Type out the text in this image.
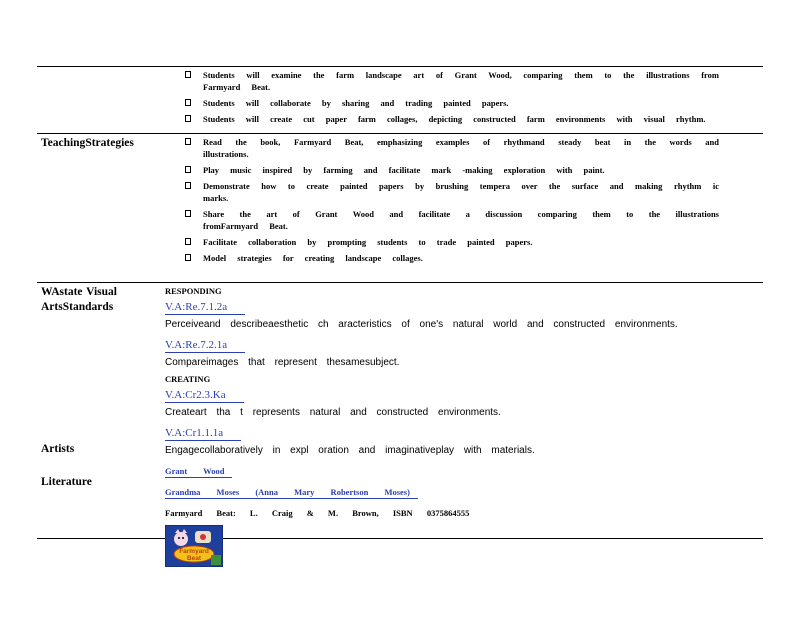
Students will examine the farm landscape art of Grant Wood, comparing them to the illustrations from Farmyard Beat.
Students will collaborate by sharing and trading painted papers.
Students will create cut paper farm collages, depicting constructed farm environments with visual rhythm.
Teaching Strategies	Read the book, Farmyard Beat, emphasizing examples of rhythmand steady beat in the words and illustrations.
Play music inspired by farming and facilitate mark -making exploration with paint.
Demonstrate how to create painted papers by brushing tempera over the surface and making rhythm ic marks.
Share the art of Grant Wood and facilitate a discussion comparing them to the illustrations fromFarmyard Beat.
Facilitate collaboration by prompting students to trade painted papers.
Model strategies for creating landscape collages.
WAstate Visual
Arts Standards
Artists
Literature
RESPONDING
V.A:Re.7.1.2a
Perceiveand describeaesthetic ch aracteristics of one's natural world and constructed environments.
V.A:Re.7.2.1a
Compareimages that represent thesamesubject.
CREATING
V.A:Cr2.3.Ka
Createart tha t represents natural and constructed environments.
V.A:Cr1.1.1a
Engagecollaboratively in expl oration and imaginativeplay with materials.
Grant Wood
Grandma Moses (Anna Mary Robertson Moses)
Farmyard Beat: L. Craig & M. Brown, ISBN 0375864555
Farmyard
Beat
